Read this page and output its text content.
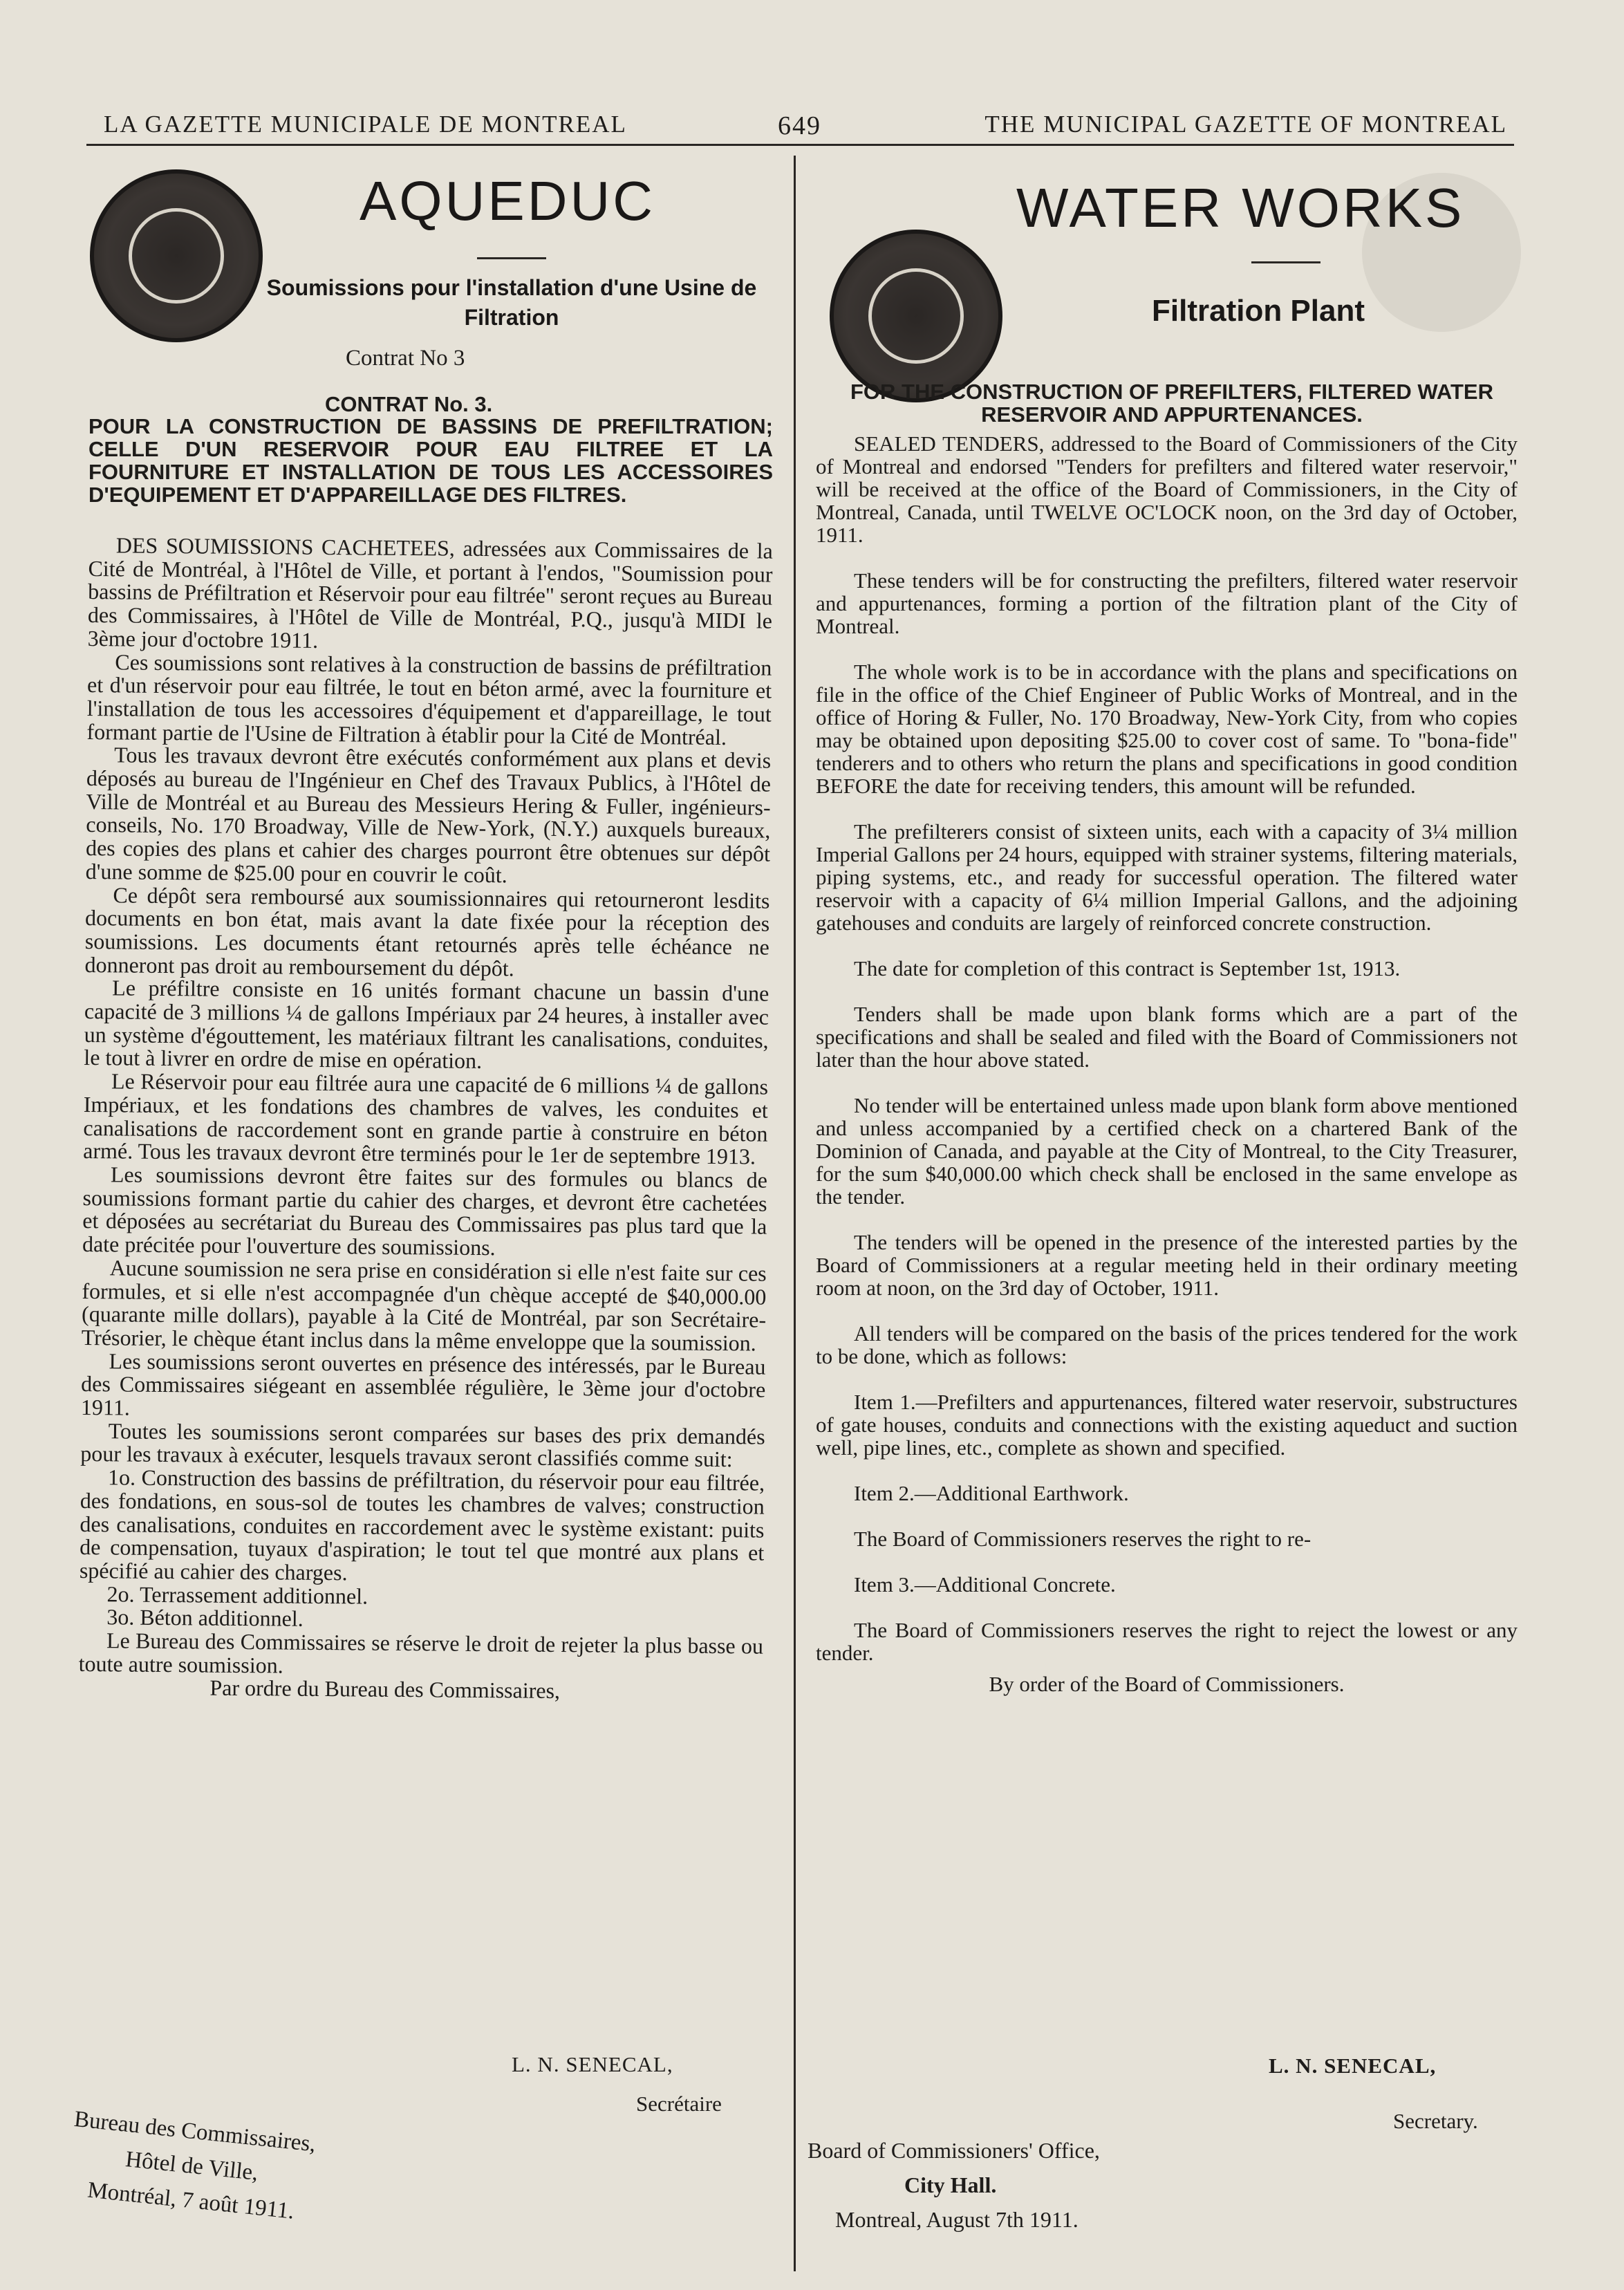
LA GAZETTE MUNICIPALE DE MONTREAL	649	THE MUNICIPAL GAZETTE OF MONTREAL
AQUEDUC
Soumissions pour l'installation d'une Usine de Filtration
Contrat No 3
CONTRAT No. 3.
POUR LA CONSTRUCTION DE BASSINS DE PREFILTRATION; CELLE D'UN RESERVOIR POUR EAU FILTREE ET LA FOURNITURE ET INSTALLATION DE TOUS LES ACCESSOIRES D'EQUIPEMENT ET D'APPAREILLAGE DES FILTRES.

DES SOUMISSIONS CACHETEES, adressées aux Commissaires de la Cité de Montréal, à l'Hôtel de Ville, et portant à l'endos, "Soumission pour bassins de Préfiltration et Réservoir pour eau filtrée" seront reçues au Bureau des Commissaires, à l'Hôtel de Ville de Montréal, P.Q., jusqu'à MIDI le 3ème jour d'octobre 1911.

Ces soumissions sont relatives à la construction de bassins de préfiltration et d'un réservoir pour eau filtrée, le tout en béton armé, avec la fourniture et l'installation de tous les accessoires d'équipement et d'appareillage, le tout formant partie de l'Usine de Filtration à établir pour la Cité de Montréal.

Tous les travaux devront être exécutés conformément aux plans et devis déposés au bureau de l'Ingénieur en Chef des Travaux Publics, à l'Hôtel de Ville de Montréal et au Bureau des Messieurs Hering & Fuller, ingénieurs-conseils, No. 170 Broadway, Ville de New-York, (N.Y.) auxquels bureaux, des copies des plans et cahier des charges pourront être obtenues sur dépôt d'une somme de $25.00 pour en couvrir le coût.

Ce dépôt sera remboursé aux soumissionnaires qui retourneront lesdits documents en bon état, mais avant la date fixée pour la réception des soumissions. Les documents étant retournés après telle échéance ne donneront pas droit au remboursement du dépôt.

Le préfiltre consiste en 16 unités formant chacune un bassin d'une capacité de 3 millions ¼ de gallons Impériaux par 24 heures, à installer avec un système d'égouttement, les matériaux filtrant les canalisations, conduites, le tout à livrer en ordre de mise en opération.

Le Réservoir pour eau filtrée aura une capacité de 6 millions ¼ de gallons Impériaux, et les fondations des chambres de valves, les conduites et canalisations de raccordement sont en grande partie à construire en béton armé. Tous les travaux devront être terminés pour le 1er de septembre 1913.

Les soumissions devront être faites sur des formules ou blancs de soumissions formant partie du cahier des charges, et devront être cachetées et déposées au secrétariat du Bureau des Commissaires pas plus tard que la date précitée pour l'ouverture des soumissions.

Aucune soumission ne sera prise en considération si elle n'est faite sur ces formules, et si elle n'est accompagnée d'un chèque accepté de $40,000.00 (quarante mille dollars), payable à la Cité de Montréal, par son Secrétaire-Trésorier, le chèque étant inclus dans la même enveloppe que la soumission.

Les soumissions seront ouvertes en présence des intéressés, par le Bureau des Commissaires siégeant en assemblée régulière, le 3ème jour d'octobre 1911.

Toutes les soumissions seront comparées sur bases des prix demandés pour les travaux à exécuter, lesquels travaux seront classifiés comme suit:

1o. Construction des bassins de préfiltration, du réservoir pour eau filtrée, des fondations, en sous-sol de toutes les chambres de valves; construction des canalisations, conduites en raccordement avec le système existant: puits de compensation, tuyaux d'aspiration; le tout tel que montré aux plans et spécifié au cahier des charges.

2o. Terrassement additionnel.

3o. Béton additionnel.

Le Bureau des Commissaires se réserve le droit de rejeter la plus basse ou toute autre soumission.

Par ordre du Bureau des Commissaires,

L. N. SENECAL,
Secrétaire
Bureau des Commissaires,
Hôtel de Ville,
Montréal, 7 août 1911.
WATER WORKS
Filtration Plant
FOR THE CONSTRUCTION OF PREFILTERS, FILTERED WATER RESERVOIR AND APPURTENANCES.

SEALED TENDERS, addressed to the Board of Commissioners of the City of Montreal and endorsed "Tenders for prefilters and filtered water reservoir," will be received at the office of the Board of Commissioners, in the City of Montreal, Canada, until TWELVE OC'LOCK noon, on the 3rd day of October, 1911.

These tenders will be for constructing the prefilters, filtered water reservoir and appurtenances, forming a portion of the filtration plant of the City of Montreal.

The whole work is to be in accordance with the plans and specifications on file in the office of the Chief Engineer of Public Works of Montreal, and in the office of Horing & Fuller, No. 170 Broadway, New-York City, from who copies may be obtained upon depositing $25.00 to cover cost of same. To "bona-fide" tenderers and to others who return the plans and specifications in good condition BEFORE the date for receiving tenders, this amount will be refunded.

The prefilterers consist of sixteen units, each with a capacity of 3¼ million Imperial Gallons per 24 hours, equipped with strainer systems, filtering materials, piping systems, etc., and ready for successful operation. The filtered water reservoir with a capacity of 6¼ million Imperial Gallons, and the adjoining gatehouses and conduits are largely of reinforced concrete construction.

The date for completion of this contract is September 1st, 1913.

Tenders shall be made upon blank forms which are a part of the specifications and shall be sealed and filed with the Board of Commissioners not later than the hour above stated.

No tender will be entertained unless made upon blank form above mentioned and unless accompanied by a certified check on a chartered Bank of the Dominion of Canada, and payable at the City of Montreal, to the City Treasurer, for the sum $40,000.00 which check shall be enclosed in the same envelope as the tender.

The tenders will be opened in the presence of the interested parties by the Board of Commissioners at a regular meeting held in their ordinary meeting room at noon, on the 3rd day of October, 1911.

All tenders will be compared on the basis of the prices tendered for the work to be done, which as follows:

Item 1.—Prefilters and appurtenances, filtered water reservoir, substructures of gate houses, conduits and connections with the existing aqueduct and suction well, pipe lines, etc., complete as shown and specified.

Item 2.—Additional Earthwork.

The Board of Commissioners reserves the right to re-

Item 3.—Additional Concrete.

The Board of Commissioners reserves the right to reject the lowest or any tender.

By order of the Board of Commissioners.

L. N. SENECAL,
Secretary.
Board of Commissioners' Office,
City Hall.
Montreal, August 7th 1911.
